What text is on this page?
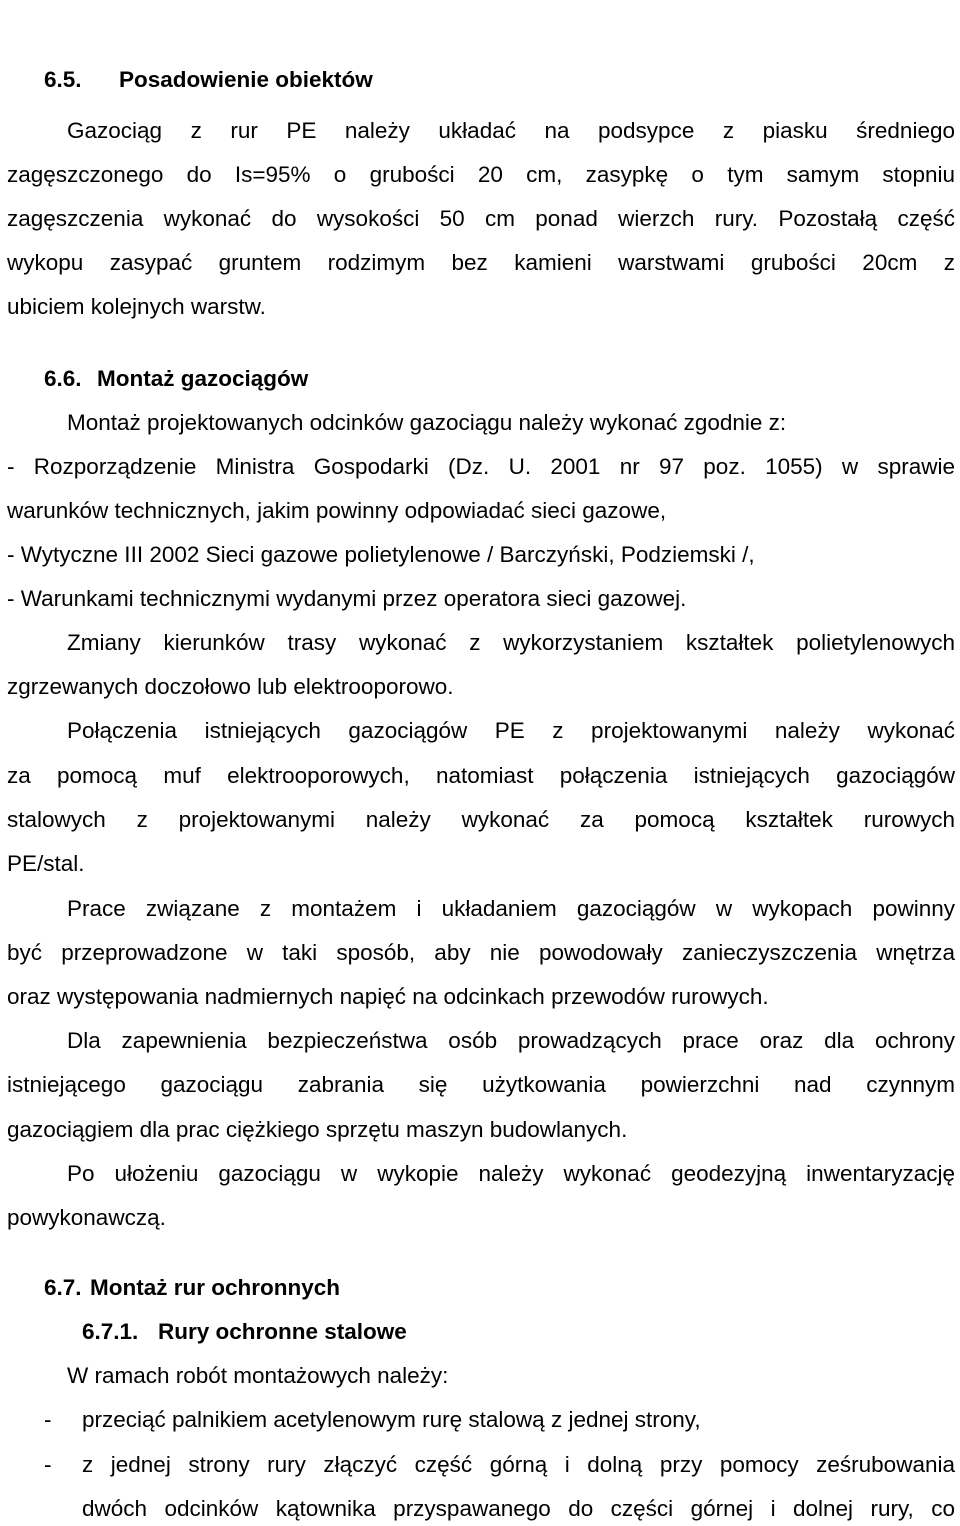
6.5. Posadowienie obiektów
Gazociąg z rur PE należy układać na podsypce z piasku średniego
zagęszczonego do Is=95% o grubości 20 cm, zasypkę o tym samym stopniu
zagęszczenia wykonać do wysokości 50 cm ponad wierzch rury. Pozostałą część
wykopu zasypać gruntem rodzimym bez kamieni warstwami grubości 20cm z
ubiciem kolejnych warstw.
6.6. Montaż gazociągów
Montaż projektowanych odcinków gazociągu należy wykonać zgodnie z:
- Rozporządzenie Ministra Gospodarki (Dz. U. 2001 nr 97 poz. 1055) w sprawie
warunków technicznych, jakim powinny odpowiadać sieci gazowe,
- Wytyczne III 2002 Sieci gazowe polietylenowe / Barczyński, Podziemski /,
- Warunkami technicznymi wydanymi przez operatora sieci gazowej.
Zmiany kierunków trasy wykonać z wykorzystaniem kształtek polietylenowych
zgrzewanych doczołowo lub elektrooporowo.
Połączenia istniejących gazociągów PE z projektowanymi należy wykonać
za pomocą muf elektrooporowych, natomiast połączenia istniejących gazociągów
stalowych z projektowanymi należy wykonać za pomocą kształtek rurowych
PE/stal.
Prace związane z montażem i układaniem gazociągów w wykopach powinny
być przeprowadzone w taki sposób, aby nie powodowały zanieczyszczenia wnętrza
oraz występowania nadmiernych napięć na odcinkach przewodów rurowych.
Dla zapewnienia bezpieczeństwa osób prowadzących prace oraz dla ochrony
istniejącego gazociągu zabrania się użytkowania powierzchni nad czynnym
gazociągiem dla prac ciężkiego sprzętu maszyn budowlanych.
Po ułożeniu gazociągu w wykopie należy wykonać geodezyjną inwentaryzację
powykonawczą.
6.7. Montaż rur ochronnych
6.7.1. Rury ochronne stalowe
W ramach robót montażowych należy:
- przeciąć palnikiem acetylenowym rurę stalową z jednej strony,
- z jednej strony rury złączyć część górną i dolną przy pomocy ześrubowania
dwóch odcinków kątownika przyspawanego do części górnej i dolnej rury, co
